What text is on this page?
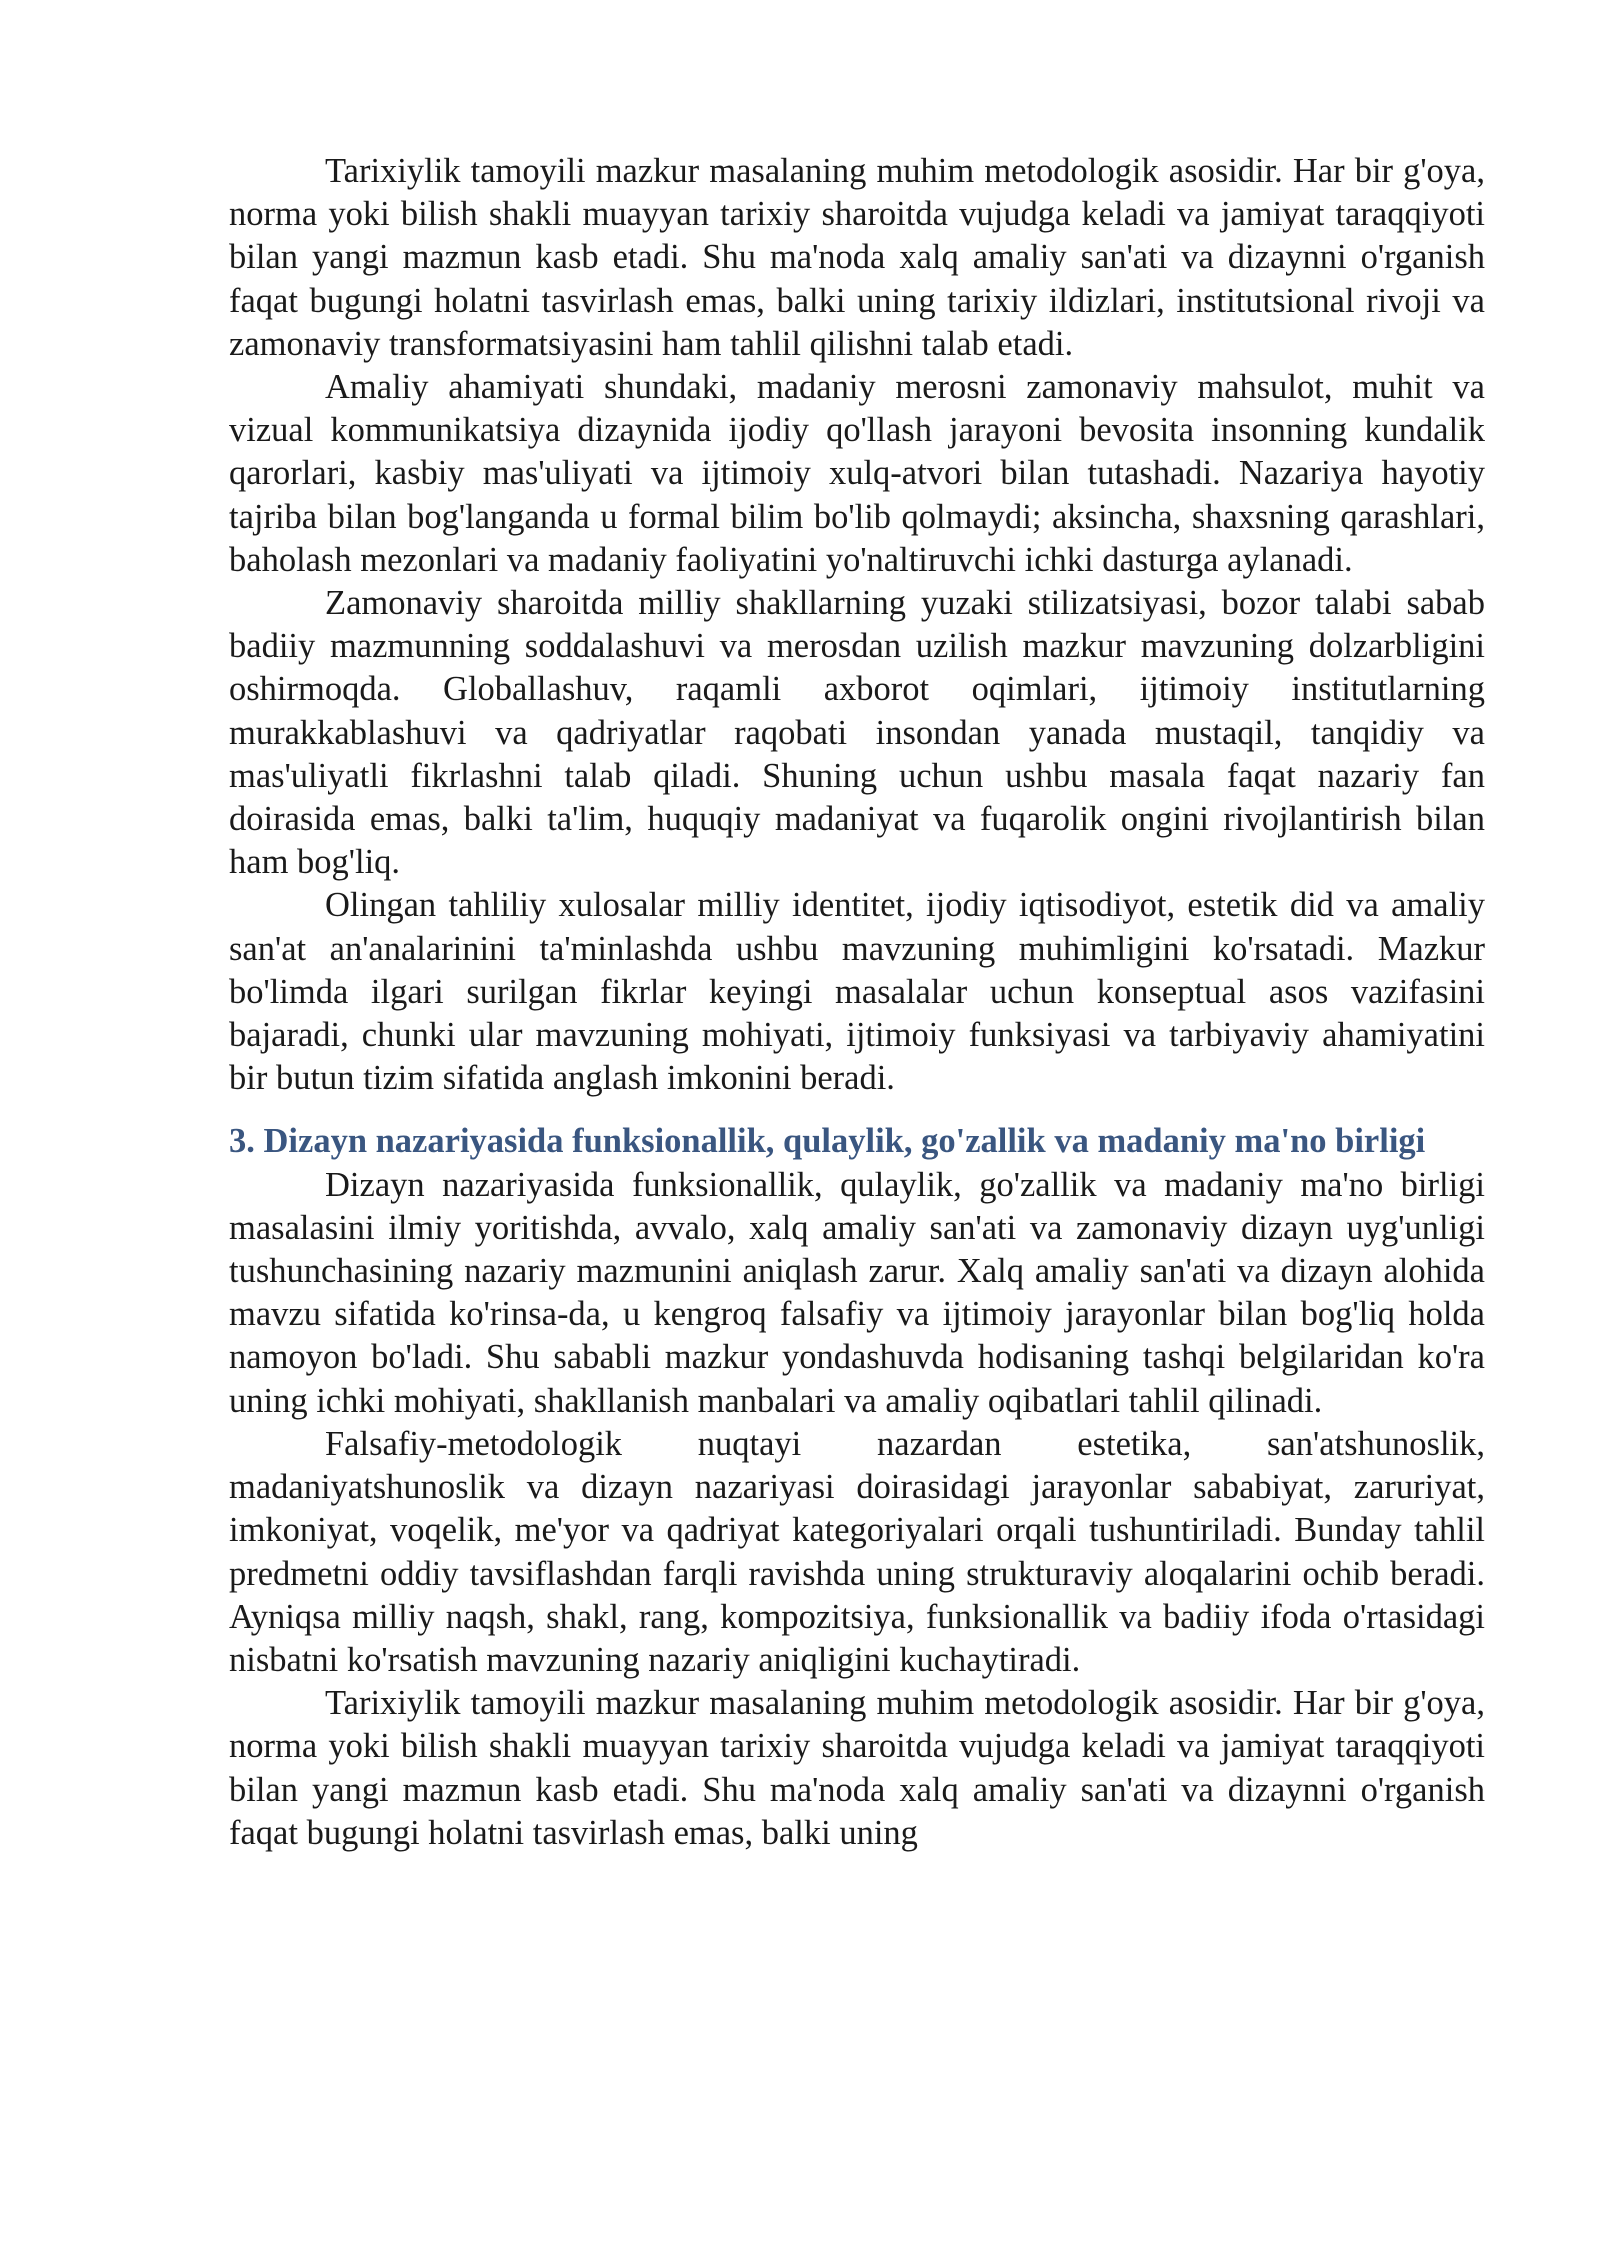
Tarixiylik tamoyili mazkur masalaning muhim metodologik asosidir. Har bir g'oya, norma yoki bilish shakli muayyan tarixiy sharoitda vujudga keladi va jamiyat taraqqiyoti bilan yangi mazmun kasb etadi. Shu ma'noda xalq amaliy san'ati va dizaynni o'rganish faqat bugungi holatni tasvirlash emas, balki uning tarixiy ildizlari, institutsional rivoji va zamonaviy transformatsiyasini ham tahlil qilishni talab etadi.

Amaliy ahamiyati shundaki, madaniy merosni zamonaviy mahsulot, muhit va vizual kommunikatsiya dizaynida ijodiy qo'llash jarayoni bevosita insonning kundalik qarorlari, kasbiy mas'uliyati va ijtimoiy xulq-atvori bilan tutashadi. Nazariya hayotiy tajriba bilan bog'langanda u formal bilim bo'lib qolmaydi; aksincha, shaxsning qarashlari, baholash mezonlari va madaniy faoliyatini yo'naltiruvchi ichki dasturga aylanadi.

Zamonaviy sharoitda milliy shakllarning yuzaki stilizatsiyasi, bozor talabi sabab badiiy mazmunning soddalashuvi va merosdan uzilish mazkur mavzuning dolzarbligini oshirmoqda. Globallashuv, raqamli axborot oqimlari, ijtimoiy institutlarning murakkablashuvi va qadriyatlar raqobati insondan yanada mustaqil, tanqidiy va mas'uliyatli fikrlashni talab qiladi. Shuning uchun ushbu masala faqat nazariy fan doirasida emas, balki ta'lim, huquqiy madaniyat va fuqarolik ongini rivojlantirish bilan ham bog'liq.

Olingan tahliliy xulosalar milliy identitet, ijodiy iqtisodiyot, estetik did va amaliy san'at an'analarinini ta'minlashda ushbu mavzuning muhimligini ko'rsatadi. Mazkur bo'limda ilgari surilgan fikrlar keyingi masalalar uchun konseptual asos vazifasini bajaradi, chunki ular mavzuning mohiyati, ijtimoiy funksiyasi va tarbiyaviy ahamiyatini bir butun tizim sifatida anglash imkonini beradi.

3. Dizayn nazariyasida funksionallik, qulaylik, go'zallik va madaniy ma'no birligi

Dizayn nazariyasida funksionallik, qulaylik, go'zallik va madaniy ma'no birligi masalasini ilmiy yoritishda, avvalo, xalq amaliy san'ati va zamonaviy dizayn uyg'unligi tushunchasining nazariy mazmunini aniqlash zarur. Xalq amaliy san'ati va dizayn alohida mavzu sifatida ko'rinsa-da, u kengroq falsafiy va ijtimoiy jarayonlar bilan bog'liq holda namoyon bo'ladi. Shu sababli mazkur yondashuvda hodisaning tashqi belgilaridan ko'ra uning ichki mohiyati, shakllanish manbalari va amaliy oqibatlari tahlil qilinadi.

Falsafiy-metodologik nuqtayi nazardan estetika, san'atshunoslik, madaniyatshunoslik va dizayn nazariyasi doirasidagi jarayonlar sababiyat, zaruriyat, imkoniyat, voqelik, me'yor va qadriyat kategoriyalari orqali tushuntiriladi. Bunday tahlil predmetni oddiy tavsiflashdan farqli ravishda uning strukturaviy aloqalarini ochib beradi. Ayniqsa milliy naqsh, shakl, rang, kompozitsiya, funksionallik va badiiy ifoda o'rtasidagi nisbatni ko'rsatish mavzuning nazariy aniqligini kuchaytiradi.

Tarixiylik tamoyili mazkur masalaning muhim metodologik asosidir. Har bir g'oya, norma yoki bilish shakli muayyan tarixiy sharoitda vujudga keladi va jamiyat taraqqiyoti bilan yangi mazmun kasb etadi. Shu ma'noda xalq amaliy san'ati va dizaynni o'rganish faqat bugungi holatni tasvirlash emas, balki uning
